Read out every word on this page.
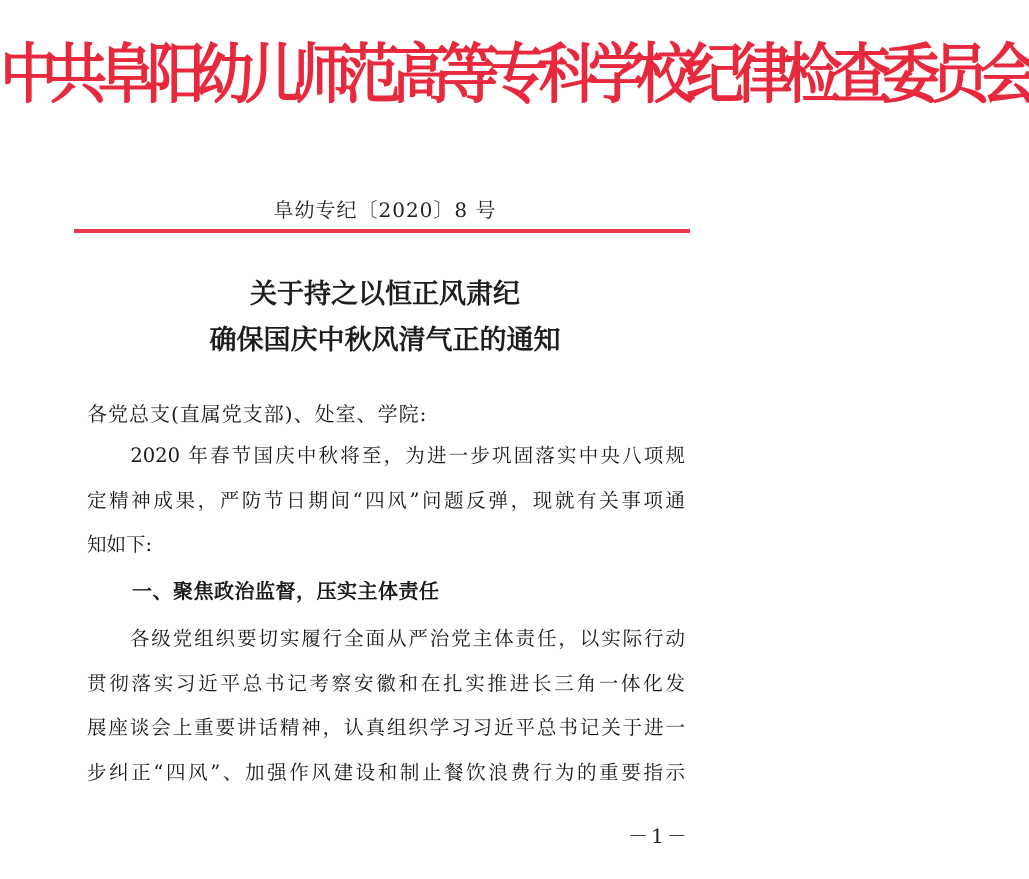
中共阜阳幼儿师范高等专科学校纪律检查委员会
阜幼专纪〔2020〕8 号
关于持之以恒正风肃纪
确保国庆中秋风清气正的通知
各党总支(直属党支部)、处室、学院:
　　2020 年春节国庆中秋将至，为进一步巩固落实中央八项规
定精神成果，严防节日期间“四风”问题反弹，现就有关事项通
知如下:
一、聚焦政治监督，压实主体责任
　　各级党组织要切实履行全面从严治党主体责任，以实际行动
贯彻落实习近平总书记考察安徽和在扎实推进长三角一体化发
展座谈会上重要讲话精神，认真组织学习习近平总书记关于进一
步纠正“四风”、加强作风建设和制止餐饮浪费行为的重要指示
－1－
